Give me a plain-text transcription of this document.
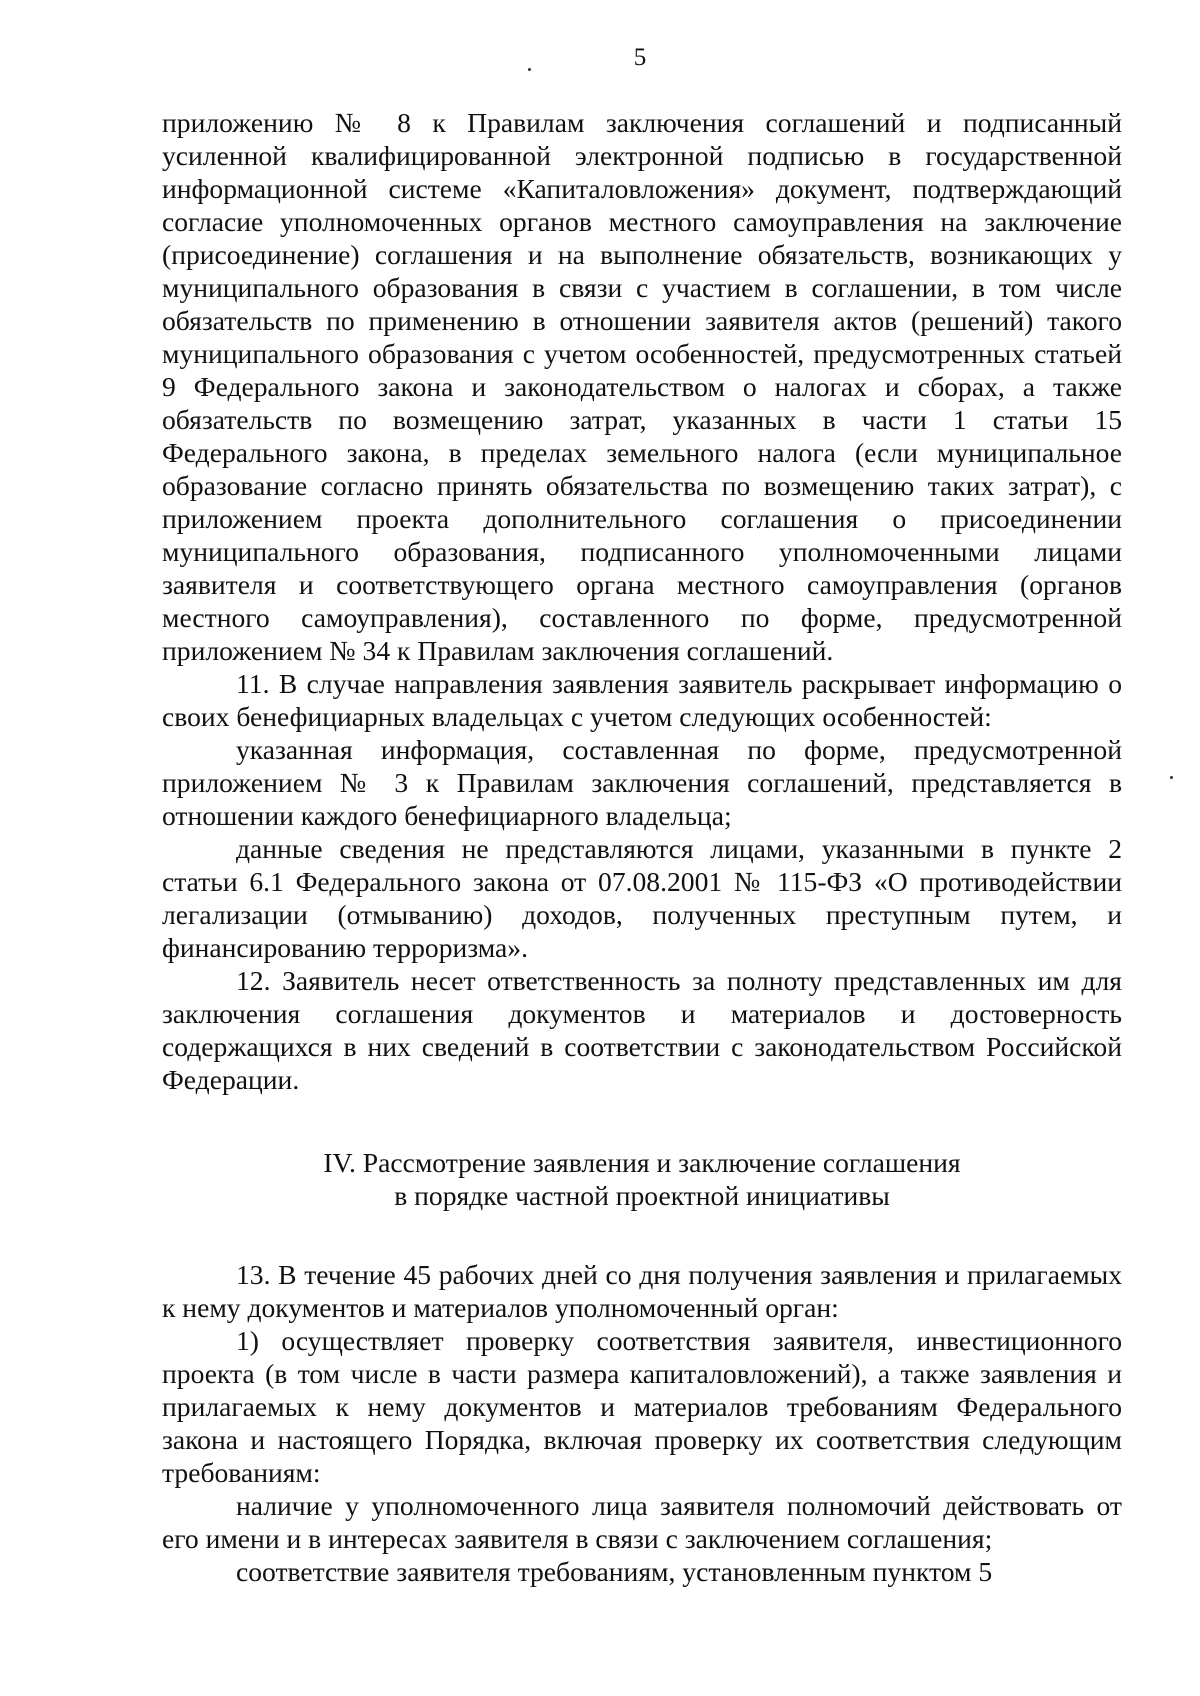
5

приложению № 8 к Правилам заключения соглашений и подписанный усиленной квалифицированной электронной подписью в государственной информационной системе «Капиталовложения» документ, подтверждающий согласие уполномоченных органов местного самоуправления на заключение (присоединение) соглашения и на выполнение обязательств, возникающих у муниципального образования в связи с участием в соглашении, в том числе обязательств по применению в отношении заявителя актов (решений) такого муниципального образования с учетом особенностей, предусмотренных статьей 9 Федерального закона и законодательством о налогах и сборах, а также обязательств по возмещению затрат, указанных в части 1 статьи 15 Федерального закона, в пределах земельного налога (если муниципальное образование согласно принять обязательства по возмещению таких затрат), с приложением проекта дополнительного соглашения о присоединении муниципального образования, подписанного уполномоченными лицами заявителя и соответствующего органа местного самоуправления (органов местного самоуправления), составленного по форме, предусмотренной приложением № 34 к Правилам заключения соглашений.

11. В случае направления заявления заявитель раскрывает информацию о своих бенефициарных владельцах с учетом следующих особенностей:

указанная информация, составленная по форме, предусмотренной приложением № 3 к Правилам заключения соглашений, представляется в отношении каждого бенефициарного владельца;

данные сведения не представляются лицами, указанными в пункте 2 статьи 6.1 Федерального закона от 07.08.2001 № 115-ФЗ «О противодействии легализации (отмыванию) доходов, полученных преступным путем, и финансированию терроризма».

12. Заявитель несет ответственность за полноту представленных им для заключения соглашения документов и материалов и достоверность содержащихся в них сведений в соответствии с законодательством Российской Федерации.

IV. Рассмотрение заявления и заключение соглашения
в порядке частной проектной инициативы

13. В течение 45 рабочих дней со дня получения заявления и прилагаемых к нему документов и материалов уполномоченный орган:

1) осуществляет проверку соответствия заявителя, инвестиционного проекта (в том числе в части размера капиталовложений), а также заявления и прилагаемых к нему документов и материалов требованиям Федерального закона и настоящего Порядка, включая проверку их соответствия следующим требованиям:

наличие у уполномоченного лица заявителя полномочий действовать от его имени и в интересах заявителя в связи с заключением соглашения;

соответствие заявителя требованиям, установленным пунктом 5
